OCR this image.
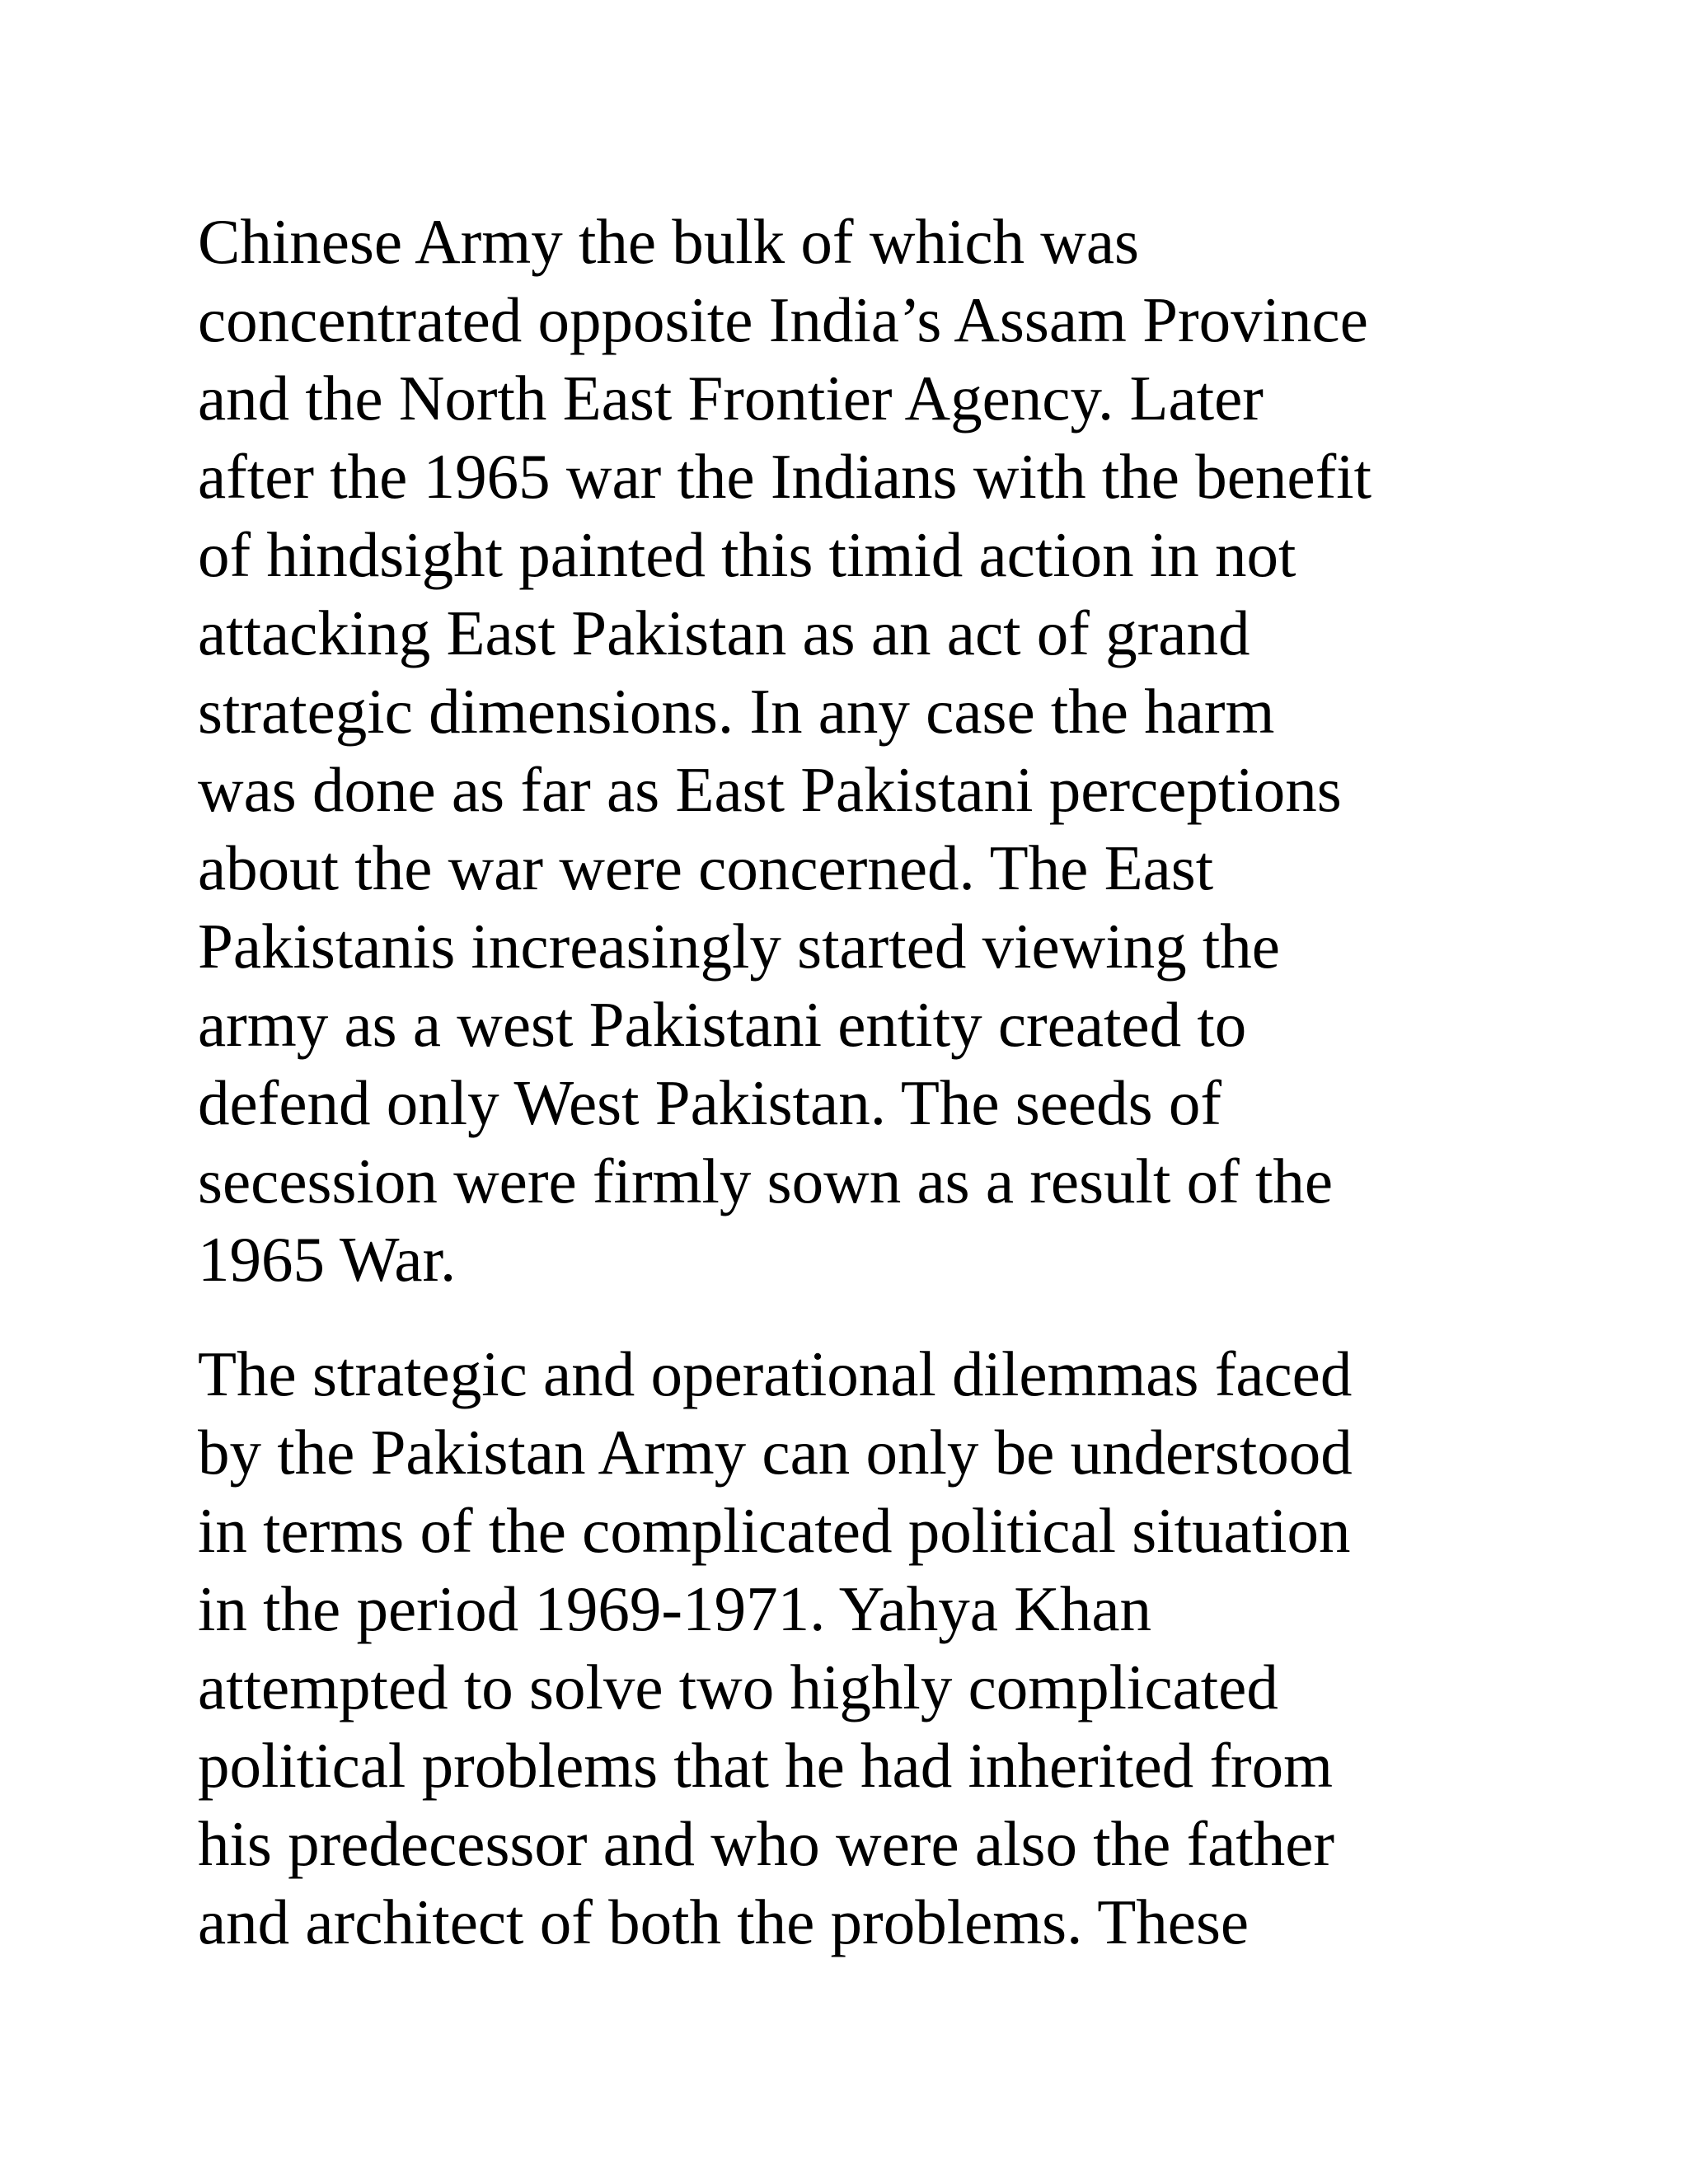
Chinese Army the bulk of which was
concentrated opposite India’s Assam Province
and the North East Frontier Agency. Later
after the 1965 war the Indians with the benefit
of hindsight painted this timid action in not
attacking East Pakistan as an act of grand
strategic dimensions. In any case the harm
was done as far as East Pakistani perceptions
about the war were concerned. The East
Pakistanis increasingly started viewing the
army as a west Pakistani entity created to
defend only West Pakistan. The seeds of
secession were firmly sown as a result of the
1965 War.
The strategic and operational dilemmas faced
by the Pakistan Army can only be understood
in terms of the complicated political situation
in the period 1969-1971. Yahya Khan
attempted to solve two highly complicated
political problems that he had inherited from
his predecessor and who were also the father
and architect of both the problems. These
